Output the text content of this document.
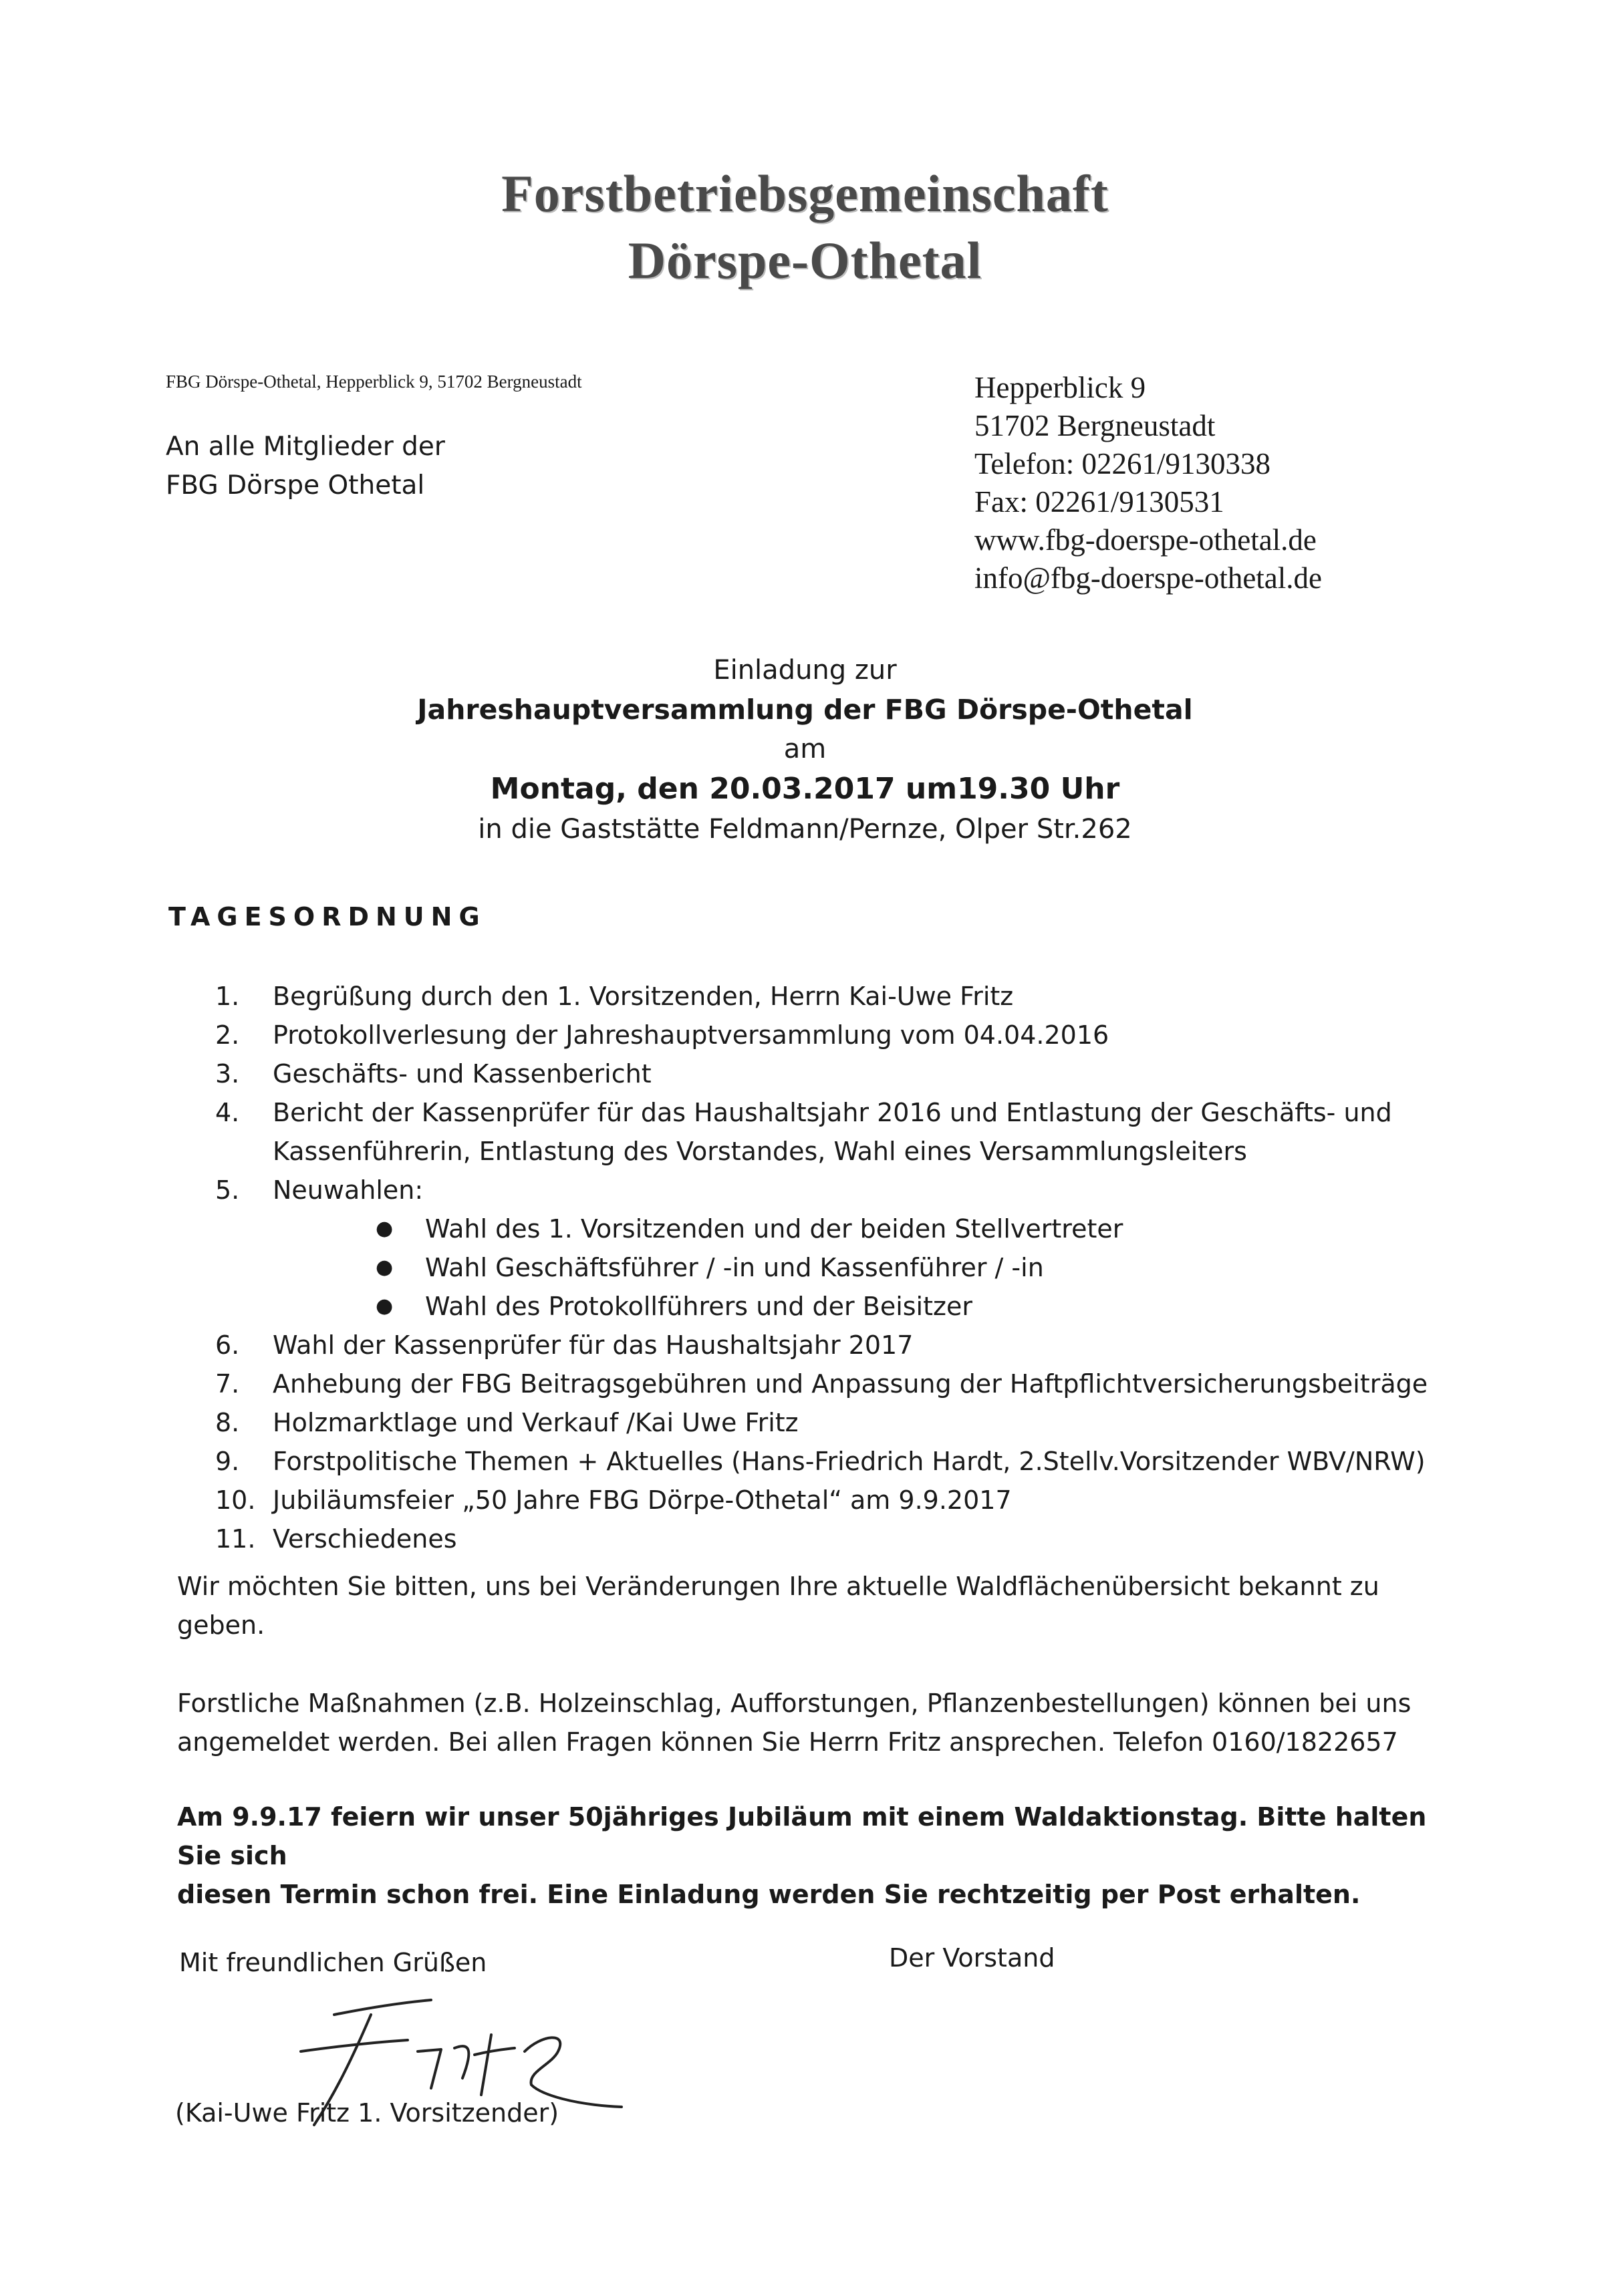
Forstbetriebsgemeinschaft
Dörspe-Othetal
FBG Dörspe-Othetal, Hepperblick 9, 51702 Bergneustadt
An alle Mitglieder der
FBG Dörspe Othetal
Hepperblick 9
51702 Bergneustadt
Telefon: 02261/9130338
Fax: 02261/9130531
www.fbg-doerspe-othetal.de
info@fbg-doerspe-othetal.de
Einladung zur
Jahreshauptversammlung der FBG Dörspe-Othetal
am
Montag, den 20.03.2017 um19.30 Uhr
in die Gaststätte Feldmann/Pernze, Olper Str.262
TAGESORDNUNG
1.	Begrüßung durch den 1. Vorsitzenden, Herrn Kai-Uwe Fritz
2.	Protokollverlesung der Jahreshauptversammlung vom 04.04.2016
3.	Geschäfts- und Kassenbericht
4.	Bericht der Kassenprüfer für das Haushaltsjahr 2016 und Entlastung der Geschäfts- und
Kassenführerin, Entlastung des Vorstandes, Wahl eines Versammlungsleiters
5.	Neuwahlen:
●	Wahl des 1. Vorsitzenden und der beiden Stellvertreter
●	Wahl Geschäftsführer / -in und Kassenführer / -in
●	Wahl des Protokollführers und der Beisitzer
6.	Wahl der Kassenprüfer für das Haushaltsjahr 2017
7.	Anhebung der FBG Beitragsgebühren und Anpassung der Haftpflichtversicherungsbeiträge
8.	Holzmarktlage und Verkauf /Kai Uwe Fritz
9.	Forstpolitische Themen + Aktuelles (Hans-Friedrich Hardt, 2.Stellv.Vorsitzender WBV/NRW)
10. Jubiläumsfeier „50 Jahre FBG Dörpe-Othetal“ am 9.9.2017
11. Verschiedenes
Wir möchten Sie bitten, uns bei Veränderungen Ihre aktuelle Waldflächenübersicht bekannt zu
geben.
Forstliche Maßnahmen (z.B. Holzeinschlag, Aufforstungen, Pflanzenbestellungen) können bei uns
angemeldet werden. Bei allen Fragen können Sie Herrn Fritz ansprechen. Telefon 0160/1822657
Am 9.9.17 feiern wir unser 50jähriges Jubiläum mit einem Waldaktionstag. Bitte halten Sie sich
diesen Termin schon frei. Eine Einladung werden Sie rechtzeitig per Post erhalten.
Mit freundlichen Grüßen	Der Vorstand
(Kai-Uwe Fritz 1. Vorsitzender)
